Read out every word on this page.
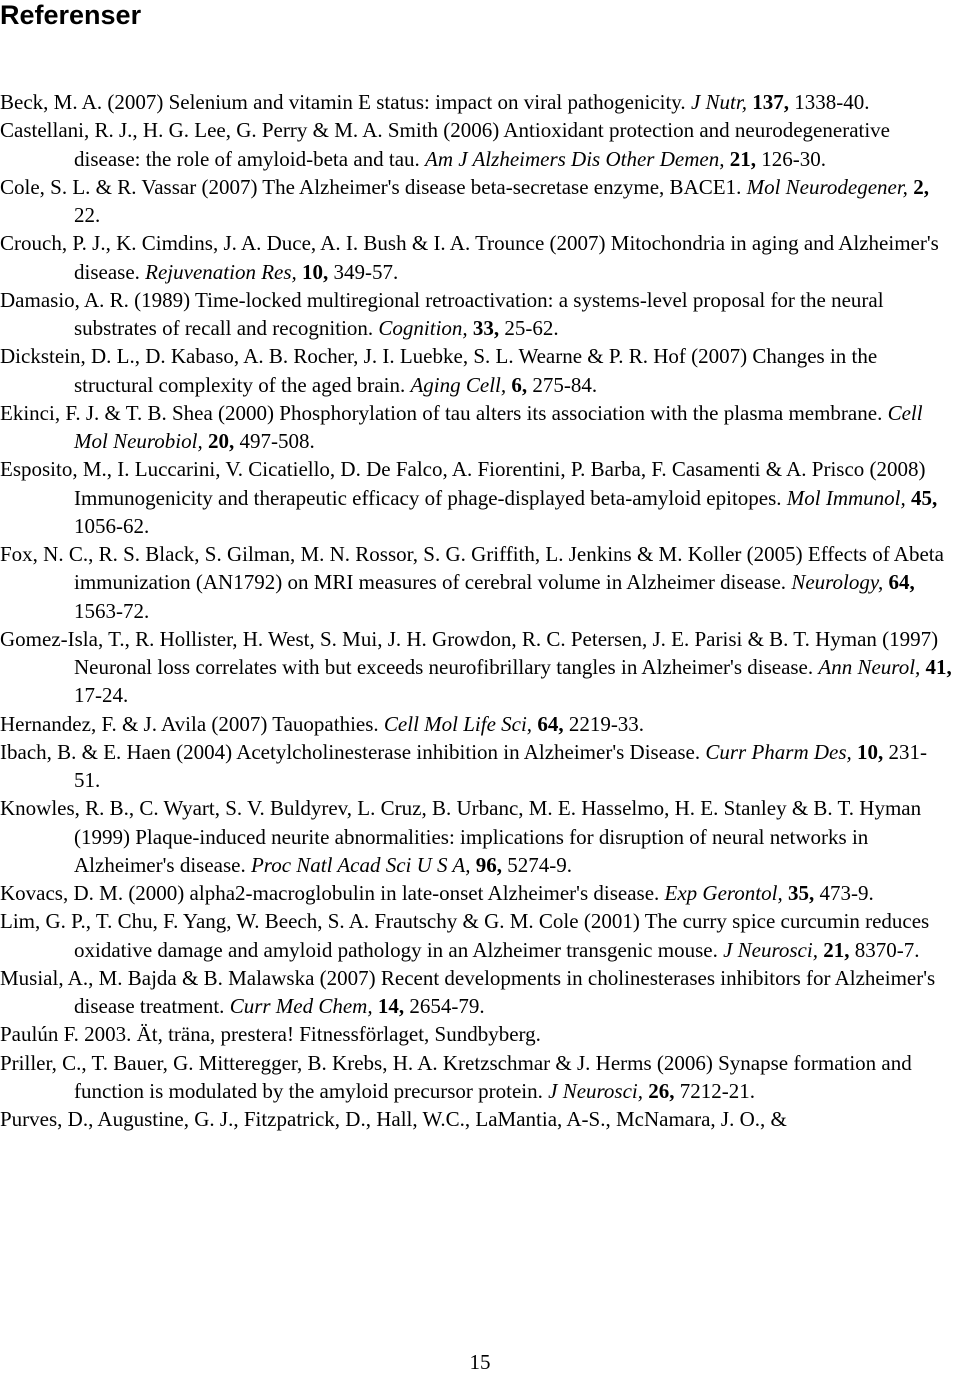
Referenser
Beck, M. A. (2007) Selenium and vitamin E status: impact on viral pathogenicity. J Nutr, 137, 1338-40.
Castellani, R. J., H. G. Lee, G. Perry & M. A. Smith (2006) Antioxidant protection and neurodegenerative disease: the role of amyloid-beta and tau. Am J Alzheimers Dis Other Demen, 21, 126-30.
Cole, S. L. & R. Vassar (2007) The Alzheimer's disease beta-secretase enzyme, BACE1. Mol Neurodegener, 2, 22.
Crouch, P. J., K. Cimdins, J. A. Duce, A. I. Bush & I. A. Trounce (2007) Mitochondria in aging and Alzheimer's disease. Rejuvenation Res, 10, 349-57.
Damasio, A. R. (1989) Time-locked multiregional retroactivation: a systems-level proposal for the neural substrates of recall and recognition. Cognition, 33, 25-62.
Dickstein, D. L., D. Kabaso, A. B. Rocher, J. I. Luebke, S. L. Wearne & P. R. Hof (2007) Changes in the structural complexity of the aged brain. Aging Cell, 6, 275-84.
Ekinci, F. J. & T. B. Shea (2000) Phosphorylation of tau alters its association with the plasma membrane. Cell Mol Neurobiol, 20, 497-508.
Esposito, M., I. Luccarini, V. Cicatiello, D. De Falco, A. Fiorentini, P. Barba, F. Casamenti & A. Prisco (2008) Immunogenicity and therapeutic efficacy of phage-displayed beta-amyloid epitopes. Mol Immunol, 45, 1056-62.
Fox, N. C., R. S. Black, S. Gilman, M. N. Rossor, S. G. Griffith, L. Jenkins & M. Koller (2005) Effects of Abeta immunization (AN1792) on MRI measures of cerebral volume in Alzheimer disease. Neurology, 64, 1563-72.
Gomez-Isla, T., R. Hollister, H. West, S. Mui, J. H. Growdon, R. C. Petersen, J. E. Parisi & B. T. Hyman (1997) Neuronal loss correlates with but exceeds neurofibrillary tangles in Alzheimer's disease. Ann Neurol, 41, 17-24.
Hernandez, F. & J. Avila (2007) Tauopathies. Cell Mol Life Sci, 64, 2219-33.
Ibach, B. & E. Haen (2004) Acetylcholinesterase inhibition in Alzheimer's Disease. Curr Pharm Des, 10, 231-51.
Knowles, R. B., C. Wyart, S. V. Buldyrev, L. Cruz, B. Urbanc, M. E. Hasselmo, H. E. Stanley & B. T. Hyman (1999) Plaque-induced neurite abnormalities: implications for disruption of neural networks in Alzheimer's disease. Proc Natl Acad Sci U S A, 96, 5274-9.
Kovacs, D. M. (2000) alpha2-macroglobulin in late-onset Alzheimer's disease. Exp Gerontol, 35, 473-9.
Lim, G. P., T. Chu, F. Yang, W. Beech, S. A. Frautschy & G. M. Cole (2001) The curry spice curcumin reduces oxidative damage and amyloid pathology in an Alzheimer transgenic mouse. J Neurosci, 21, 8370-7.
Musial, A., M. Bajda & B. Malawska (2007) Recent developments in cholinesterases inhibitors for Alzheimer's disease treatment. Curr Med Chem, 14, 2654-79.
Paulún F. 2003. Ät, träna, prestera! Fitnessförlaget, Sundbyberg.
Priller, C., T. Bauer, G. Mitteregger, B. Krebs, H. A. Kretzschmar & J. Herms (2006) Synapse formation and function is modulated by the amyloid precursor protein. J Neurosci, 26, 7212-21.
Purves, D., Augustine, G. J., Fitzpatrick, D., Hall, W.C., LaMantia, A-S., McNamara, J. O., &
15
